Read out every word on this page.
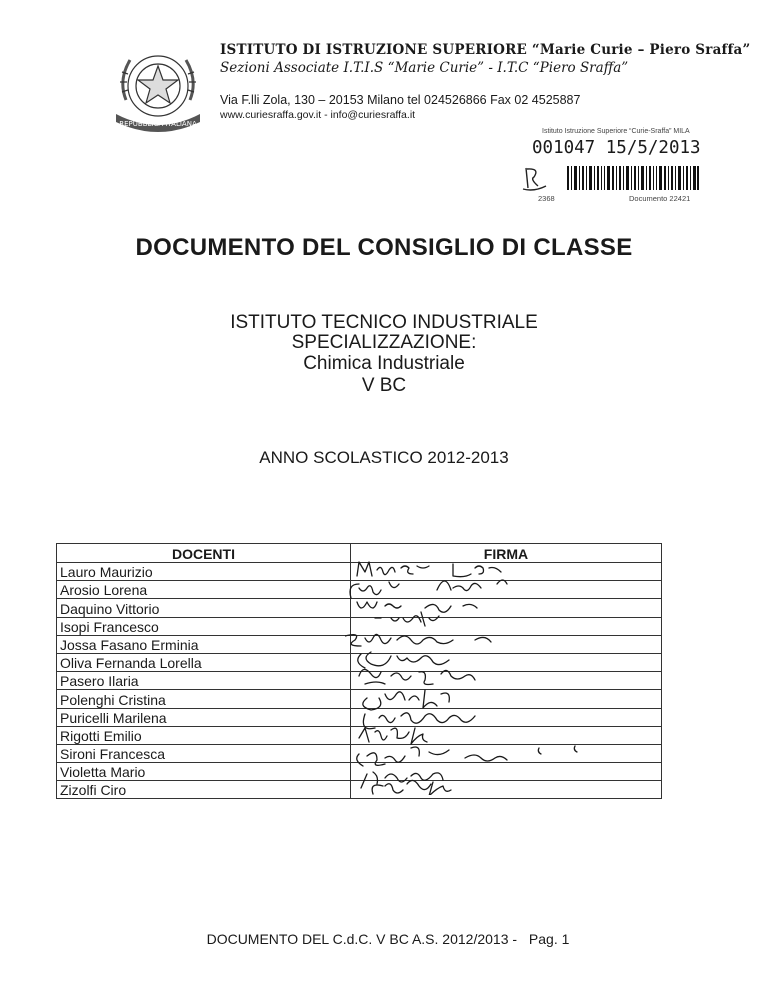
REPUBBLICA ITALIANA
ISTITUTO DI ISTRUZIONE SUPERIORE “Marie Curie – Piero Sraffa”
Sezioni Associate I.T.I.S “Marie Curie” - I.T.C “Piero Sraffa”
Via F.lli Zola, 130 – 20153 Milano tel 024526866 Fax 02 4525887
www.curiesraffa.gov.it - info@curiesraffa.it
Istituto Istruzione Superiore “Curie-Sraffa” MILA
001047 15/5/2013
2368	Documento 22421
DOCUMENTO DEL CONSIGLIO DI CLASSE
ISTITUTO TECNICO INDUSTRIALE
SPECIALIZZAZIONE:
Chimica Industriale
V BC
ANNO SCOLASTICO 2012-2013
DOCENTI	FIRMA
Lauro Maurizio	
Arosio Lorena	
Daquino Vittorio	
Isopi Francesco	
Jossa Fasano Erminia	
Oliva Fernanda Lorella	
Pasero Ilaria	
Polenghi Cristina	
Puricelli Marilena	
Rigotti Emilio	
Sironi Francesca	
Violetta Mario	
Zizolfi Ciro	
DOCUMENTO DEL C.d.C. V BC A.S. 2012/2013 - Pag. 1
